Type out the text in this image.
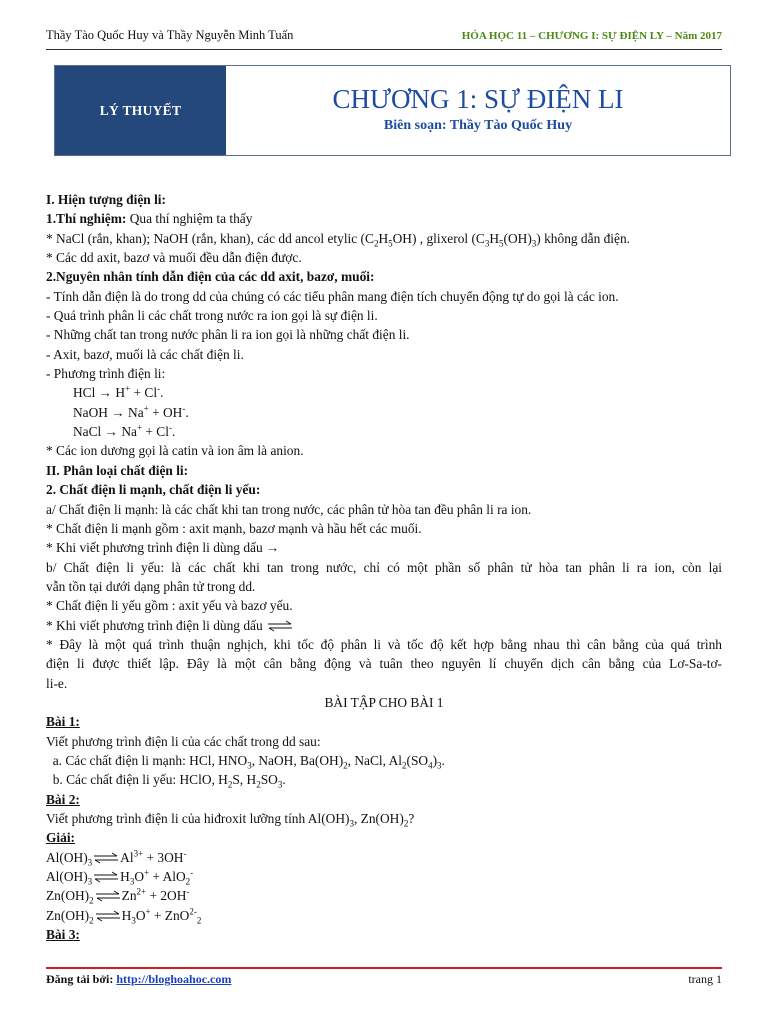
Thầy Tào Quốc Huy và Thầy Nguyễn Minh Tuấn	HÓA HỌC 11 – CHƯƠNG I: SỰ ĐIỆN LY – Năm 2017
LÝ THUYẾT	CHƯƠNG 1: SỰ ĐIỆN LI
Biên soạn: Thầy Tào Quốc Huy
I. Hiện tượng điện li:
1.Thí nghiệm: Qua thí nghiệm ta thấy
* NaCl (rắn, khan); NaOH (rắn, khan), các dd ancol etylic $(C_2H_5OH)$ , glixerol $(C_3H_5(OH)_3)$ không dẫn điện.
* Các dd axit, bazơ và muối đều dẫn điện được.
2.Nguyên nhân tính dẫn điện của các dd axit, bazơ, muối:
- Tính dẫn điện là do trong dd của chúng có các tiểu phân mang điện tích chuyển động tự do gọi là các ion.
- Quá trình phân li các chất trong nước ra ion gọi là sự điện li.
- Những chất tan trong nước phân li ra ion gọi là những chất điện li.
- Axit, bazơ, muối là các chất điện li.
- Phương trình điện li:
HCl → H+ + Cl-.
NaOH → Na+ + OH-.
NaCl → Na+ + Cl-.
* Các ion dương gọi là catin và ion âm là anion.
II. Phân loại chất điện li:
2. Chất điện li mạnh, chất điện li yếu:
a/ Chất điện li mạnh: là các chất khi tan trong nước, các phân tử hòa tan đều phân li ra ion.
* Chất điện li mạnh gồm : axit mạnh, bazơ mạnh và hầu hết các muối.
* Khi viết phương trình điện li dùng dấu →
b/ Chất điện li yếu: là các chất khi tan trong nước, chỉ có một phần số phân tử hòa tan phân li ra ion, còn lại
vẫn tồn tại dưới dạng phân tử trong dd.
* Chất điện li yếu gồm : axit yếu và bazơ yếu.
* Khi viết phương trình điện li dùng dấu ⇌
* Đây là một quá trình thuận nghịch, khi tốc độ phân li và tốc độ kết hợp bằng nhau thì cân bằng của quá trình
điện li được thiết lập. Đây là một cân bằng động và tuân theo nguyên lí chuyển dịch cân bằng của Lơ-Sa-tơ-
li-e.
BÀI TẬP CHO BÀI 1
Bài 1:
Viết phương trình điện li của các chất trong dd sau:
a. Các chất điện li mạnh: HCl, $HNO_3$, NaOH, $Ba(OH)_2$, NaCl, $Al_2(SO_4)_3$.
b. Các chất điện li yếu: HClO, $H_2S$, $H_2SO_3$.
Bài 2:
Viết phương trình điện li của hiđroxit lưỡng tính $Al(OH)_3$, $Zn(OH)_2$?
Giải:
$Al(OH)_3\rightleftharpoons Al^{3+} + 3OH^-$
$Al(OH)_3\rightleftharpoons H_3O^+ + AlO_2^-$
$Zn(OH)_2\rightleftharpoons Zn^{2+} + 2OH^-$
$Zn(OH)_2\rightleftharpoons H_3O^+ + ZnO^{2-}_2$
Bài 3:
Đăng tải bởi: http://bloghoahoc.com	trang 1
